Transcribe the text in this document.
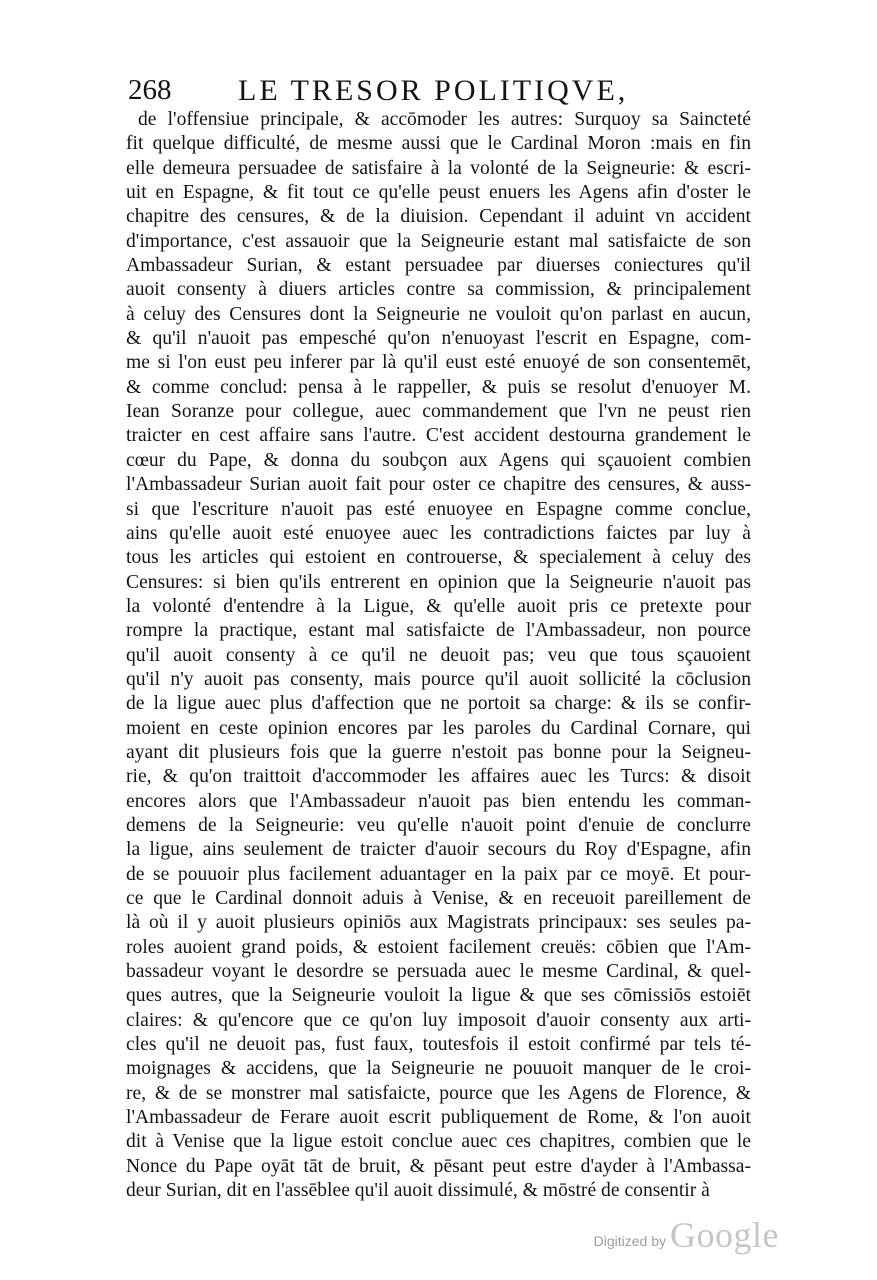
268 LE TRESOR POLITIQVE,
de l'offensiue principale, & accōmoder les autres: Surquoy sa Saincteté
fit quelque difficulté, de mesme aussi que le Cardinal Moron :mais en fin
elle demeura persuadee de satisfaire à la volonté de la Seigneurie: & escri-
uit en Espagne, & fit tout ce qu'elle peust enuers les Agens afin d'oster le
chapitre des censures, & de la diuision. Cependant il aduint vn accident
d'importance, c'est assauoir que la Seigneurie estant mal satisfaicte de son
Ambassadeur Surian, & estant persuadee par diuerses coniectures qu'il
auoit consenty à diuers articles contre sa commission, & principalement
à celuy des Censures dont la Seigneurie ne vouloit qu'on parlast en aucun,
& qu'il n'auoit pas empesché qu'on n'enuoyast l'escrit en Espagne, com-
me si l'on eust peu inferer par là qu'il eust esté enuoyé de son consentemēt,
& comme conclud: pensa à le rappeller, & puis se resolut d'enuoyer M.
Iean Soranze pour collegue, auec commandement que l'vn ne peust rien
traicter en cest affaire sans l'autre. C'est accident destourna grandement le
cœur du Pape, & donna du soubçon aux Agens qui sçauoient combien
l'Ambassadeur Surian auoit fait pour oster ce chapitre des censures, & auss-
si que l'escriture n'auoit pas esté enuoyee en Espagne comme conclue,
ains qu'elle auoit esté enuoyee auec les contradictions faictes par luy à
tous les articles qui estoient en controuerse, & specialement à celuy des
Censures: si bien qu'ils entrerent en opinion que la Seigneurie n'auoit pas
la volonté d'entendre à la Ligue, & qu'elle auoit pris ce pretexte pour
rompre la practique, estant mal satisfaicte de l'Ambassadeur, non pource
qu'il auoit consenty à ce qu'il ne deuoit pas; veu que tous sçauoient
qu'il n'y auoit pas consenty, mais pource qu'il auoit sollicité la cōclusion
de la ligue auec plus d'affection que ne portoit sa charge: & ils se confir-
moient en ceste opinion encores par les paroles du Cardinal Cornare, qui
ayant dit plusieurs fois que la guerre n'estoit pas bonne pour la Seigneu-
rie, & qu'on traittoit d'accommoder les affaires auec les Turcs: & disoit
encores alors que l'Ambassadeur n'auoit pas bien entendu les comman-
demens de la Seigneurie: veu qu'elle n'auoit point d'enuie de conclurre
la ligue, ains seulement de traicter d'auoir secours du Roy d'Espagne, afin
de se pouuoir plus facilement aduantager en la paix par ce moyē. Et pour-
ce que le Cardinal donnoit aduis à Venise, & en receuoit pareillement de
là où il y auoit plusieurs opiniōs aux Magistrats principaux: ses seules pa-
roles auoient grand poids, & estoient facilement creuës: cōbien que l'Am-
bassadeur voyant le desordre se persuada auec le mesme Cardinal, & quel-
ques autres, que la Seigneurie vouloit la ligue & que ses cōmissiōs estoiēt
claires: & qu'encore que ce qu'on luy imposoit d'auoir consenty aux arti-
cles qu'il ne deuoit pas, fust faux, toutesfois il estoit confirmé par tels té-
moignages & accidens, que la Seigneurie ne pouuoit manquer de le croi-
re, & de se monstrer mal satisfaicte, pource que les Agens de Florence, &
l'Ambassadeur de Ferare auoit escrit publiquement de Rome, & l'on auoit
dit à Venise que la ligue estoit conclue auec ces chapitres, combien que le
Nonce du Pape oyāt tāt de bruit, & pēsant peut estre d'ayder à l'Ambassa-
deur Surian, dit en l'assēblee qu'il auoit dissimulé, & mōstré de consentir à
Digitized by Google
